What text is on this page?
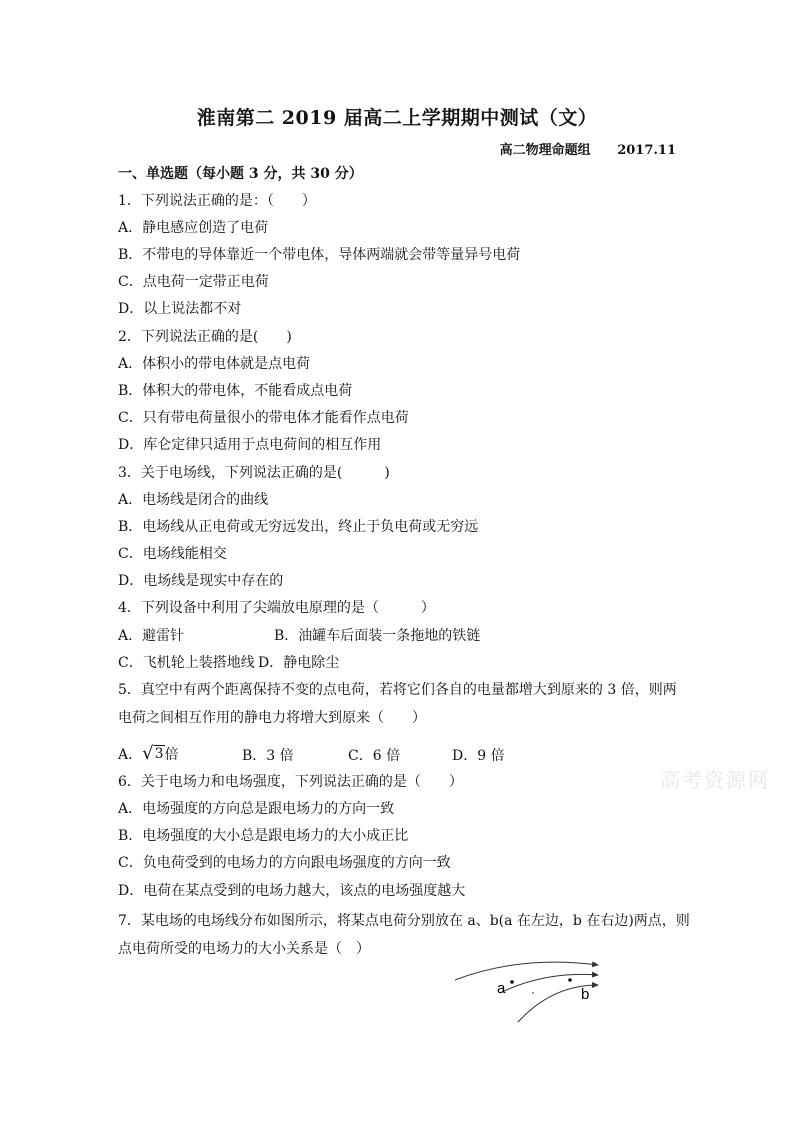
淮南第二 2019 届高二上学期期中测试（文）
高二物理命题组 2017.11
一、单选题（每小题 3 分，共 30 分）
1．下列说法正确的是：（　　）
A．静电感应创造了电荷
B．不带电的导体靠近一个带电体，导体两端就会带等量异号电荷
C．点电荷一定带正电荷
D．以上说法都不对
2．下列说法正确的是(　　)
A．体积小的带电体就是点电荷
B．体积大的带电体，不能看成点电荷
C．只有带电荷量很小的带电体才能看作点电荷
D．库仑定律只适用于点电荷间的相互作用
3．关于电场线，下列说法正确的是(　　　)
A．电场线是闭合的曲线
B．电场线从正电荷或无穷远发出，终止于负电荷或无穷远
C．电场线能相交
D．电场线是现实中存在的
4．下列设备中利用了尖端放电原理的是（　　　）
A．避雷针	B．油罐车后面装一条拖地的铁链
C．飞机轮上装搭地线 D．静电除尘
5．真空中有两个距离保持不变的点电荷，若将它们各自的电量都增大到原来的 3 倍，则两
电荷之间相互作用的静电力将增大到原来（　　）
A．√3倍	B．3 倍	C．6 倍	D．9 倍
6．关于电场力和电场强度，下列说法正确的是（　　）
A．电场强度的方向总是跟电场力的方向一致
B．电场强度的大小总是跟电场力的大小成正比
C．负电荷受到的电场力的方向跟电场强度的方向一致
D．电荷在某点受到的电场力越大，该点的电场强度越大
7．某电场的电场线分布如图所示，将某点电荷分别放在 a、b(a 在左边，b 在右边)两点，则
点电荷所受的电场力的大小关系是（　）
高考资源网
a	b
